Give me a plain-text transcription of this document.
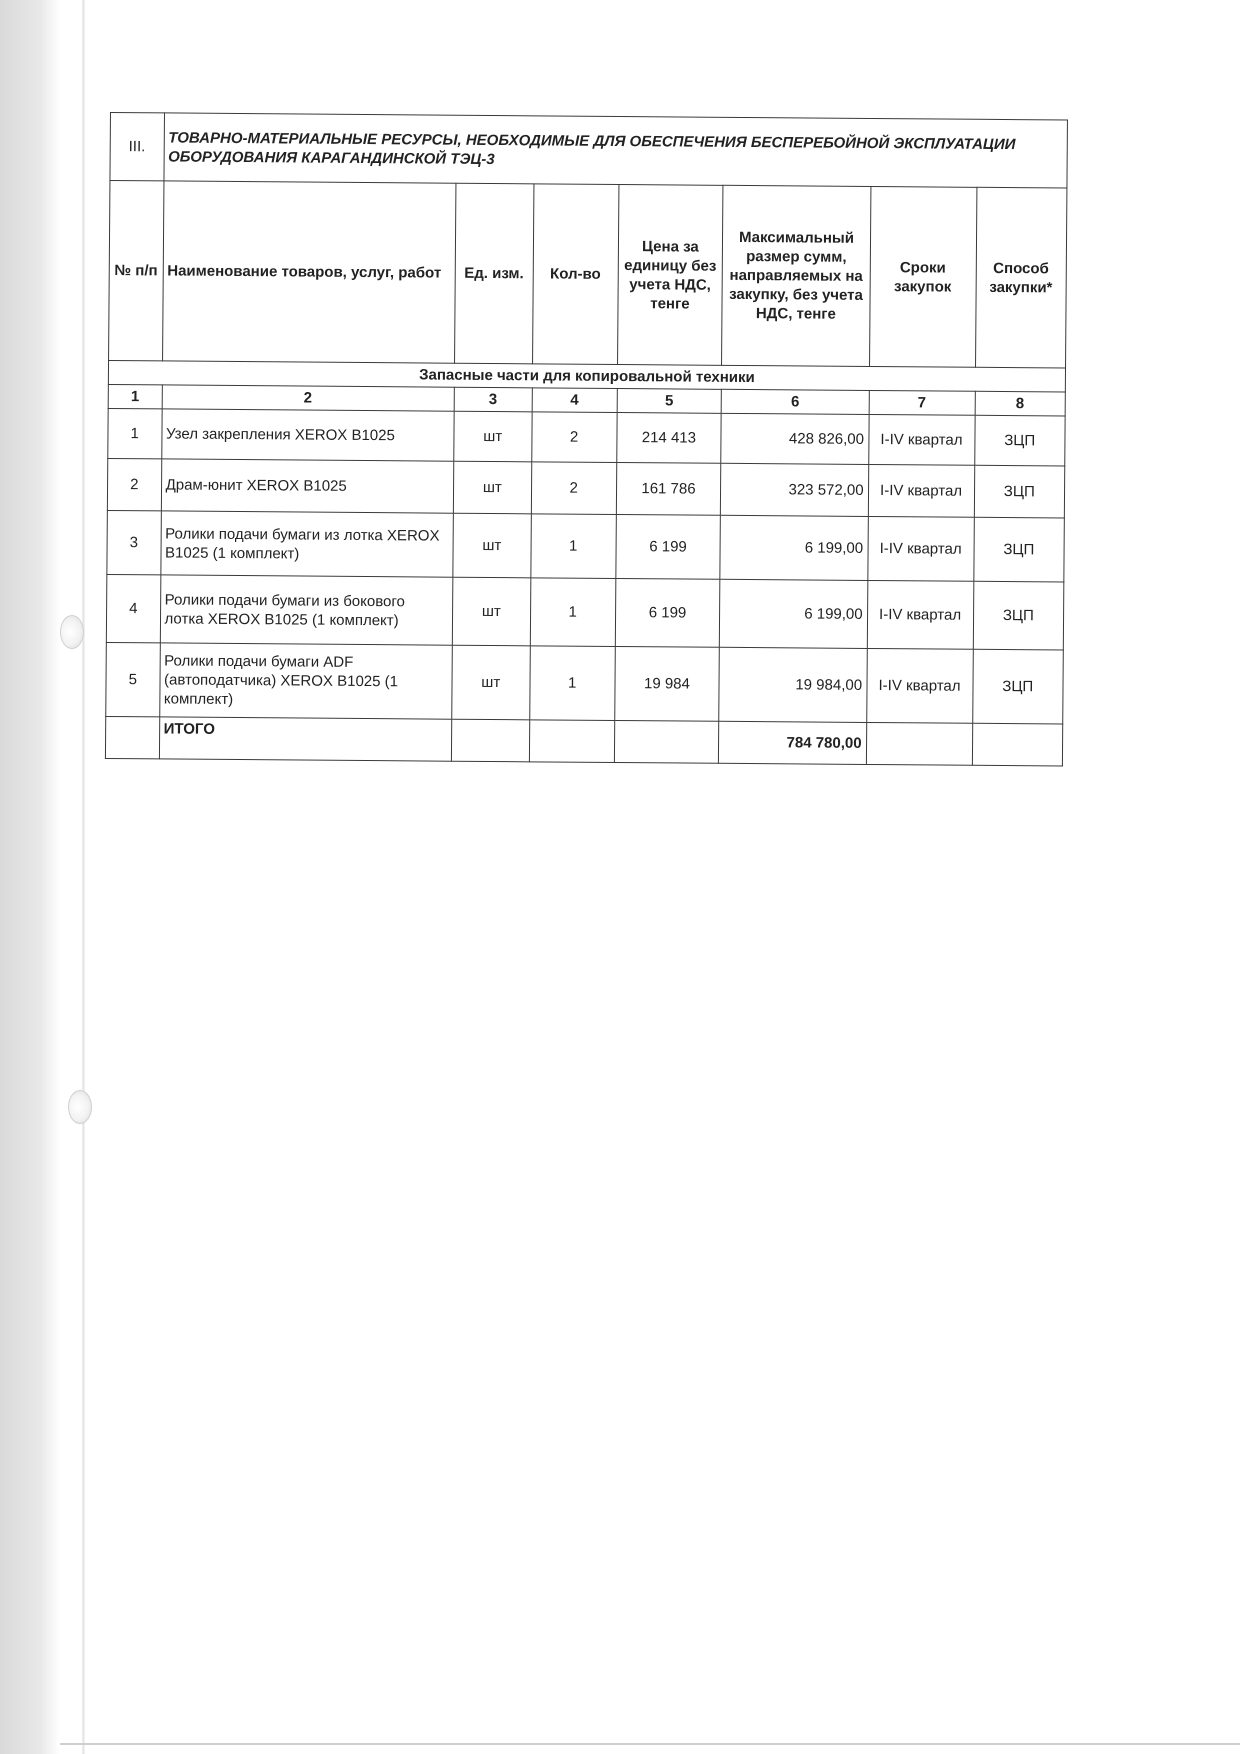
III.	ТОВАРНО-МАТЕРИАЛЬНЫЕ РЕСУРСЫ, НЕОБХОДИМЫЕ ДЛЯ ОБЕСПЕЧЕНИЯ БЕСПЕРЕБОЙНОЙ ЭКСПЛУАТАЦИИ ОБОРУДОВАНИЯ КАРАГАНДИНСКОЙ ТЭЦ-3						
№ п/п	Наименование товаров, услуг, работ	Ед. изм.	Кол-во	Цена за единицу без учета НДС, тенге	Максимальный размер сумм, направляемых на закупку, без учета НДС, тенге	Сроки закупок	Способ закупки*
Запасные части для копировальной техники							
1	2	3	4	5	6	7	8
1	Узел закрепления XEROX B1025	шт	2	214 413	428 826,00	I-IV квартал	ЗЦП
2	Драм-юнит XEROX B1025	шт	2	161 786	323 572,00	I-IV квартал	ЗЦП
3	Ролики подачи бумаги из лотка XEROX B1025 (1 комплект)	шт	1	6 199	6 199,00	I-IV квартал	ЗЦП
4	Ролики подачи бумаги из бокового лотка XEROX B1025 (1 комплект)	шт	1	6 199	6 199,00	I-IV квартал	ЗЦП
5	Ролики подачи бумаги ADF (автоподатчика) XEROX B1025 (1 комплект)	шт	1	19 984	19 984,00	I-IV квартал	ЗЦП
	ИТОГО				784 780,00		
